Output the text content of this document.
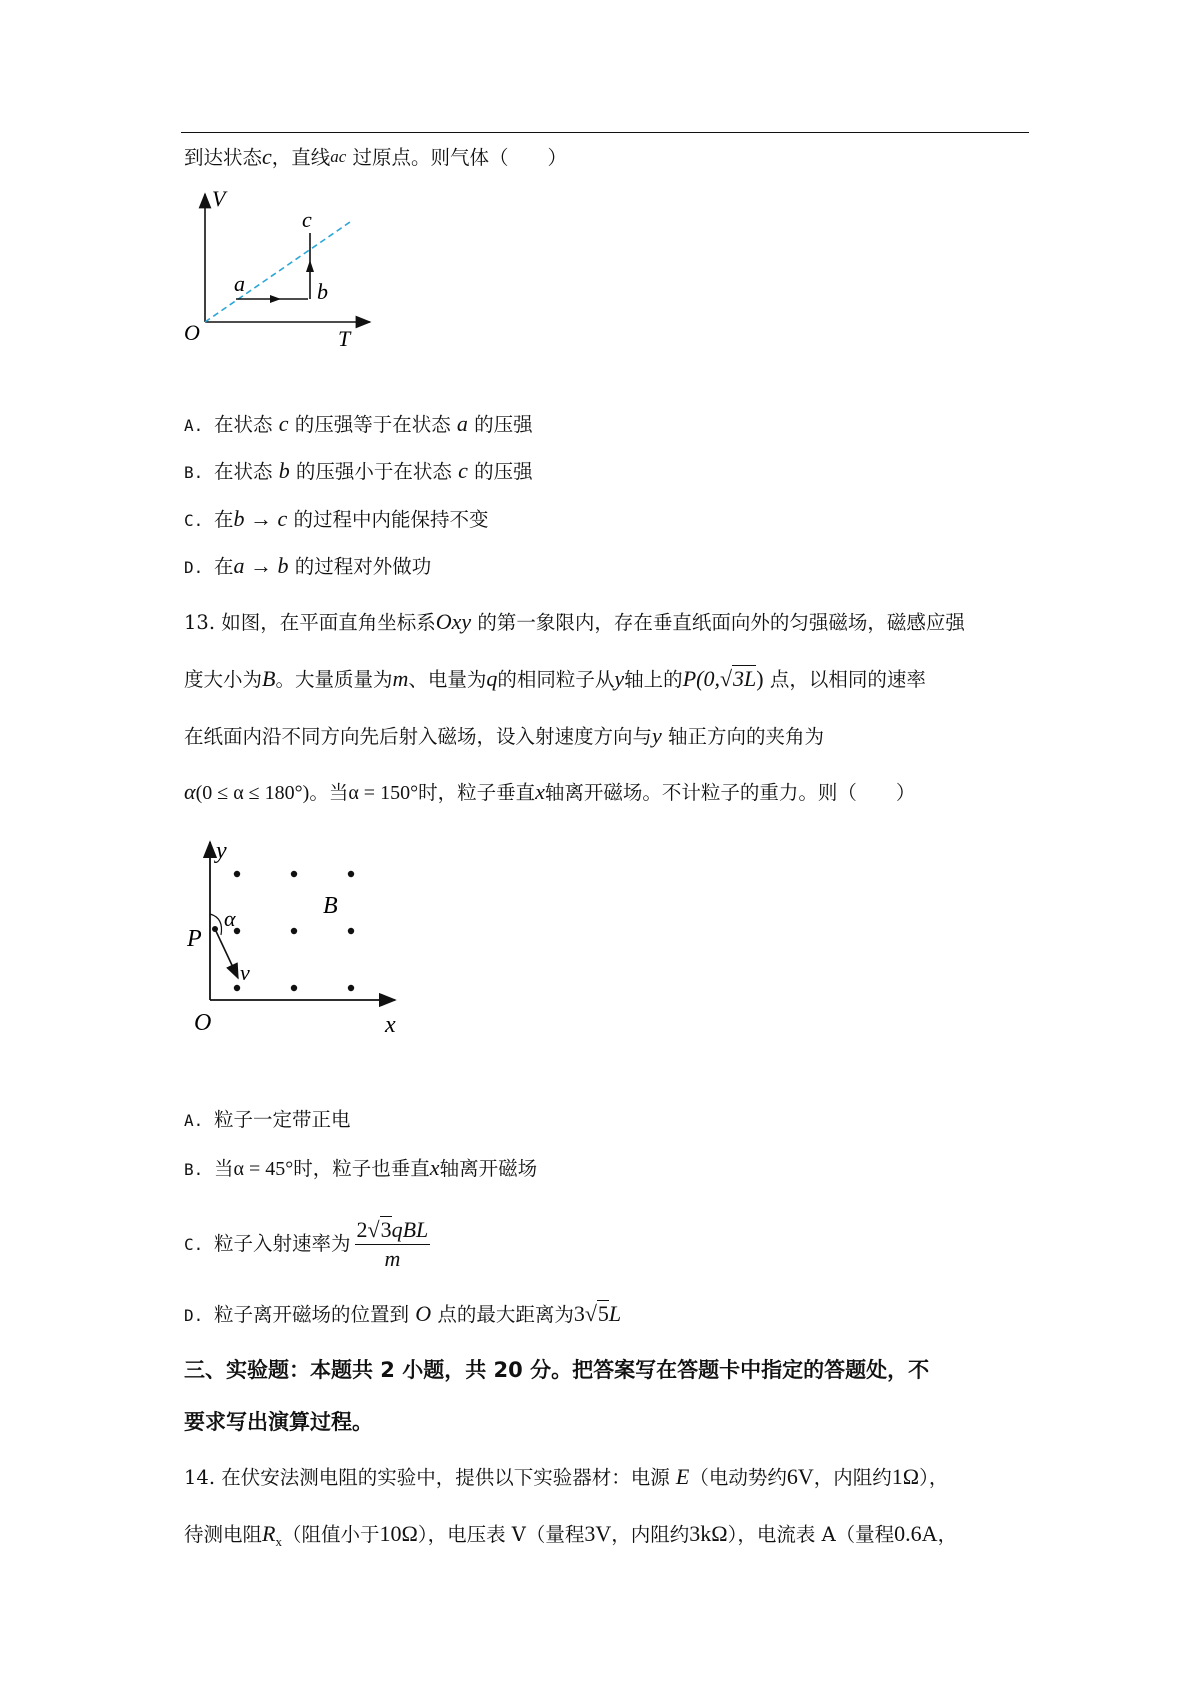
到达状态c，直线ac 过原点。则气体（　　）
V
T
O
a	b
c
A. 在状态 c 的压强等于在状态 a 的压强
B. 在状态 b 的压强小于在状态 c 的压强
C. 在b → c 的过程中内能保持不变
D. 在a → b 的过程对外做功
13. 如图，在平面直角坐标系Oxy 的第一象限内，存在垂直纸面向外的匀强磁场，磁感应强
度大小为B。大量质量为m、电量为q的相同粒子从y轴上的P(0,√3L) 点，以相同的速率
在纸面内沿不同方向先后射入磁场，设入射速度方向与y 轴正方向的夹角为
α(0 ≤ α ≤ 180°)。当α = 150°时，粒子垂直x轴离开磁场。不计粒子的重力。则（　　）
y
x
O
P
α
v
B
A. 粒子一定带正电
B. 当α = 45°时，粒子也垂直x轴离开磁场
C. 粒子入射速率为 $\frac{\text{2√3qBL}}{m}$
D. 粒子离开磁场的位置到 O 点的最大距离为3√5L
三、实验题：本题共 2 小题，共 20 分。把答案写在答题卡中指定的答题处，不
要求写出演算过程。
14. 在伏安法测电阻的实验中，提供以下实验器材：电源 E（电动势约6V，内阻约1Ω），
待测电阻$R_x$（阻值小于10Ω），电压表 V（量程3V，内阻约3kΩ），电流表 A（量程0.6A，
